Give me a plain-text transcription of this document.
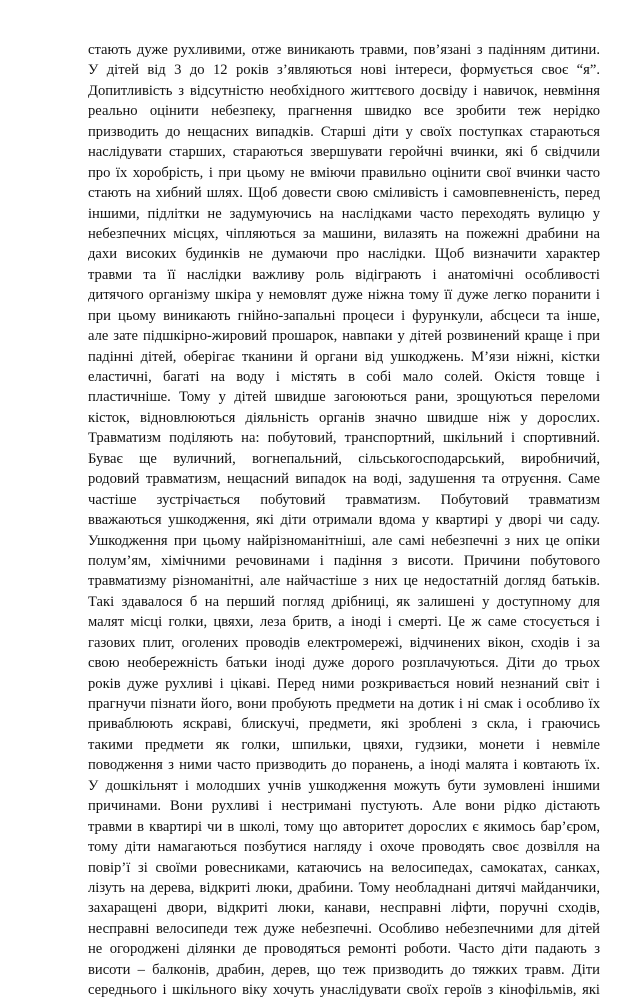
стають дуже рухливими, отже виникають травми, пов’язані з падінням дитини.
У дітей від 3 до 12 років з’являються нові інтереси, формується своє “я”.
Допитливість з відсутністю необхідного життєвого досвіду і навичок, невміння
реально оцінити небезпеку, прагнення швидко все зробити теж нерідко
призводить до нещасних випадків. Старші діти у своїх поступках стараються
наслідувати старших, стараються звершувати геройчні вчинки, які б свідчили
про їх хоробрість, і при цьому не вміючи правильно оцінити свої вчинки часто
стають на хибний шлях. Щоб довести свою сміливість і самовпевненість, перед
іншими, підлітки не задумуючись на наслідками часто переходять вулицю у
небезпечних місцях, чіпляються за машини, вилазять на пожежні драбини на
дахи високих будинків не думаючи про наслідки. Щоб визначити характер
травми та її наслідки важливу роль відіграють і анатомічні особливості
дитячого організму шкіра у немовлят дуже ніжна тому її дуже легко поранити і
при цьому виникають гнійно-запальні процеси і фурункули, абсцеси та інше,
але зате підшкірно-жировий прошарок, навпаки у дітей розвинений краще і при
падінні дітей, оберігає тканини й органи від ушкоджень. М’язи ніжні, кістки
еластичні, багаті на воду і містять в собі мало солей. Окістя товще і
пластичніше. Тому у дітей швидше загоюються рани, зрощуються переломи
кісток, відновлюються діяльність органів значно швидше ніж у дорослих.
Травматизм поділяють на: побутовий, транспортний, шкільний і спортивний.
Буває ще вуличний, вогнепальний, сільськогосподарський, виробничий,
родовий травматизм, нещасний випадок на воді, задушення та отруєння. Саме
частіше зустрічається побутовий травматизм. Побутовий травматизм
вважаються ушкодження, які діти отримали вдома у квартирі у дворі чи саду.
Ушкодження при цьому найрізноманітніші, але самі небезпечні з них це опіки
полум’ям, хімічними речовинами і падіння з висоти. Причини побутового
травматизму різноманітні, але найчастіше з них це недостатній догляд батьків.
Такі здавалося б на перший погляд дрібниці, як залишені у доступному для
малят місці голки, цвяхи, леза бритв, а іноді і смерті. Це ж саме стосується і
газових плит, оголених проводів електромережі, відчинених вікон, сходів і за
свою необережність батьки іноді дуже дорого розплачуються. Діти до трьох
років дуже рухливі і цікаві. Перед ними розкривається новий незнаний світ і
прагнучи пізнати його, вони пробують предмети на дотик і ні смак і особливо їх
приваблюють яскраві, блискучі, предмети, які зроблені з скла, і граючись
такими предмети як голки, шпильки, цвяхи, гудзики, монети і невміле
поводження з ними часто призводить до поранень, а іноді малята і ковтають їх.
У дошкільнят і молодших учнів ушкодження можуть бути зумовлені іншими
причинами. Вони рухливі і нестримані пустують. Але вони рідко дістають
травми в квартирі чи в школі, тому що авторитет дорослих є якимось бар’єром,
тому діти намагаються позбутися нагляду і охоче проводять своє дозвілля на
повір’ї зі своїми ровесниками, катаючись на велосипедах, самокатах, санках,
лізуть на дерева, відкриті люки, драбини. Тому необладнані дитячі майданчики,
захаращені двори, відкриті люки, канави, несправні ліфти, поручні сходів,
несправні велосипеди теж дуже небезпечні. Особливо небезпечними для дітей
не огороджені ділянки де проводяться ремонті роботи. Часто діти падають з
висоти – балконів, драбин, дерев, що теж призводить до тяжких травм. Діти
середнього і шкільного віку хочуть унаслідувати своїх героїв з кінофільмів, які
